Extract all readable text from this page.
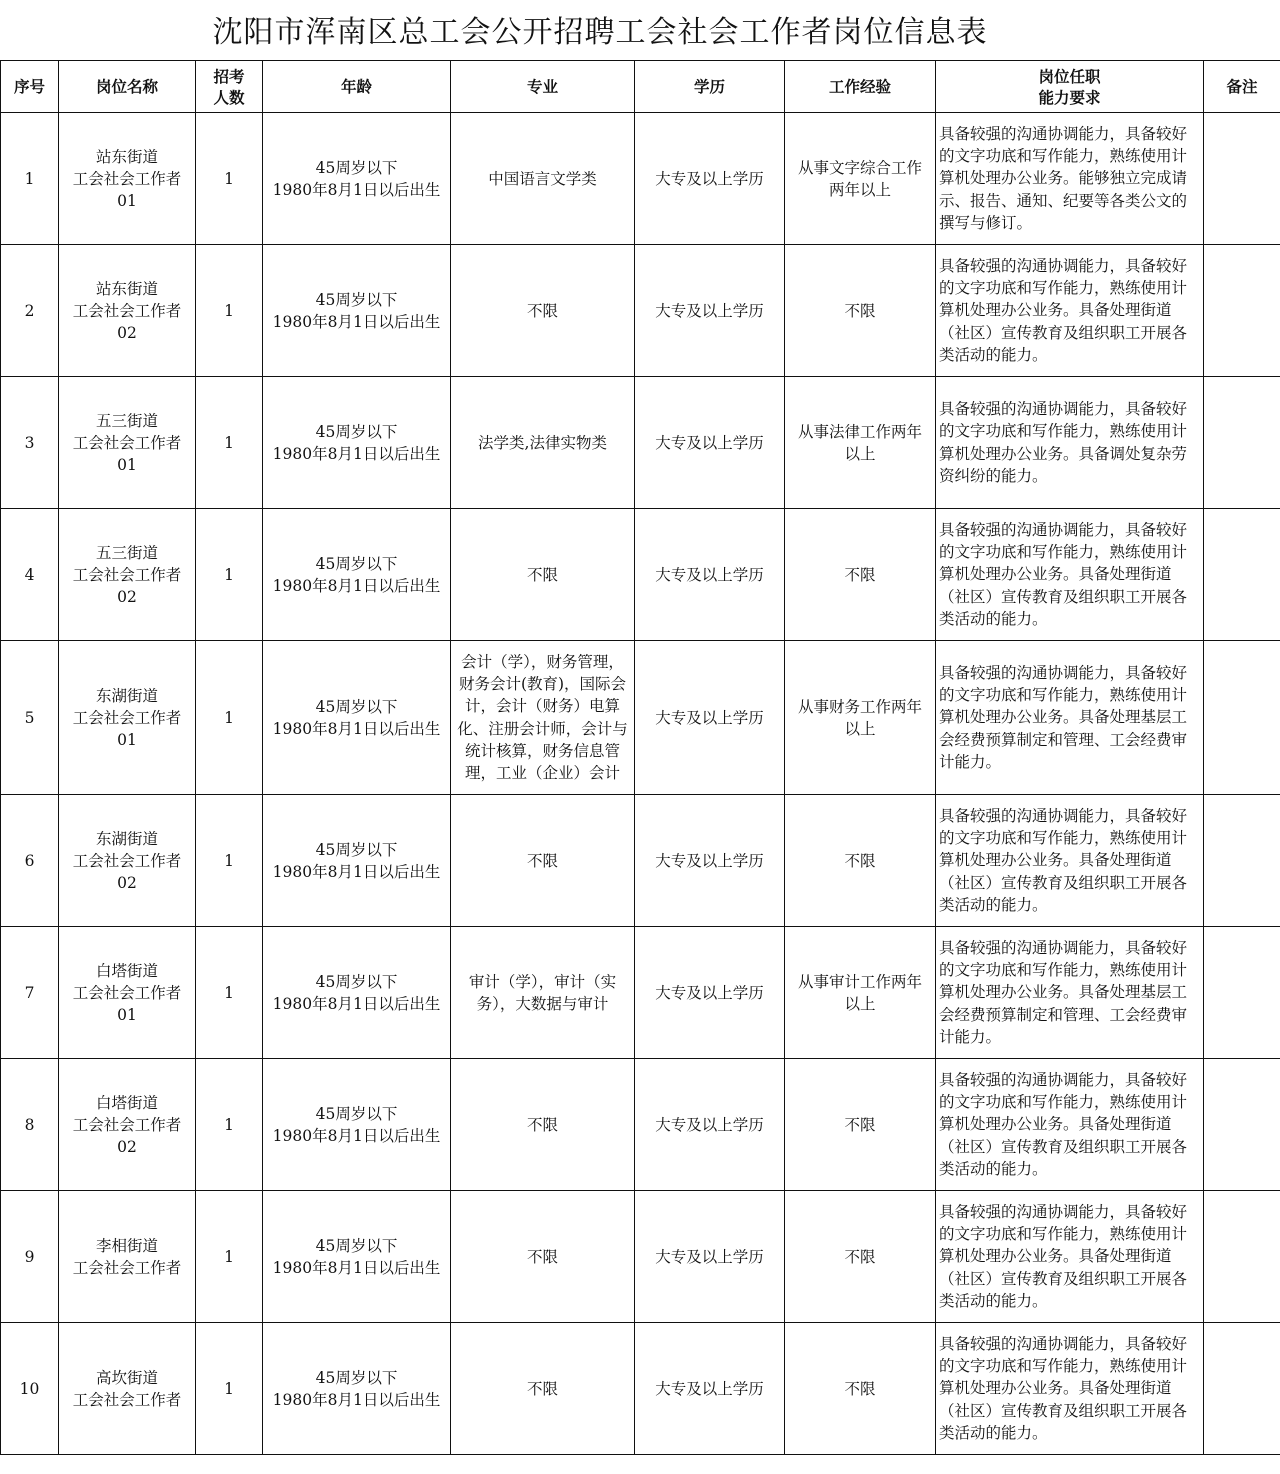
沈阳市浑南区总工会公开招聘工会社会工作者岗位信息表
序号	岗位名称	招考
人数	年龄	专业	学历	工作经验	岗位任职
能力要求	备注
1	站东街道
工会社会工作者
01	1	45周岁以下
1980年8月1日以后出生	中国语言文学类	大专及以上学历	从事文字综合工作
两年以上	具备较强的沟通协调能力，具备较好的文字功底和写作能力，熟练使用计算机处理办公业务。能够独立完成请示、报告、通知、纪要等各类公文的撰写与修订。	
2	站东街道
工会社会工作者
02	1	45周岁以下
1980年8月1日以后出生	不限	大专及以上学历	不限	具备较强的沟通协调能力，具备较好的文字功底和写作能力，熟练使用计算机处理办公业务。具备处理街道（社区）宣传教育及组织职工开展各类活动的能力。	
3	五三街道
工会社会工作者
01	1	45周岁以下
1980年8月1日以后出生	法学类,法律实物类	大专及以上学历	从事法律工作两年
以上	具备较强的沟通协调能力，具备较好的文字功底和写作能力，熟练使用计算机处理办公业务。具备调处复杂劳资纠纷的能力。	
4	五三街道
工会社会工作者
02	1	45周岁以下
1980年8月1日以后出生	不限	大专及以上学历	不限	具备较强的沟通协调能力，具备较好的文字功底和写作能力，熟练使用计算机处理办公业务。具备处理街道（社区）宣传教育及组织职工开展各类活动的能力。	
5	东湖街道
工会社会工作者
01	1	45周岁以下
1980年8月1日以后出生	会计（学），财务管理，财务会计(教育)，国际会计，会计（财务）电算化、注册会计师，会计与统计核算，财务信息管理，工业（企业）会计	大专及以上学历	从事财务工作两年
以上	具备较强的沟通协调能力，具备较好的文字功底和写作能力，熟练使用计算机处理办公业务。具备处理基层工会经费预算制定和管理、工会经费审计能力。	
6	东湖街道
工会社会工作者
02	1	45周岁以下
1980年8月1日以后出生	不限	大专及以上学历	不限	具备较强的沟通协调能力，具备较好的文字功底和写作能力，熟练使用计算机处理办公业务。具备处理街道（社区）宣传教育及组织职工开展各类活动的能力。	
7	白塔街道
工会社会工作者
01	1	45周岁以下
1980年8月1日以后出生	审计（学），审计（实务），大数据与审计	大专及以上学历	从事审计工作两年
以上	具备较强的沟通协调能力，具备较好的文字功底和写作能力，熟练使用计算机处理办公业务。具备处理基层工会经费预算制定和管理、工会经费审计能力。	
8	白塔街道
工会社会工作者
02	1	45周岁以下
1980年8月1日以后出生	不限	大专及以上学历	不限	具备较强的沟通协调能力，具备较好的文字功底和写作能力，熟练使用计算机处理办公业务。具备处理街道（社区）宣传教育及组织职工开展各类活动的能力。	
9	李相街道
工会社会工作者	1	45周岁以下
1980年8月1日以后出生	不限	大专及以上学历	不限	具备较强的沟通协调能力，具备较好的文字功底和写作能力，熟练使用计算机处理办公业务。具备处理街道（社区）宣传教育及组织职工开展各类活动的能力。	
10	高坎街道
工会社会工作者	1	45周岁以下
1980年8月1日以后出生	不限	大专及以上学历	不限	具备较强的沟通协调能力，具备较好的文字功底和写作能力，熟练使用计算机处理办公业务。具备处理街道（社区）宣传教育及组织职工开展各类活动的能力。	
